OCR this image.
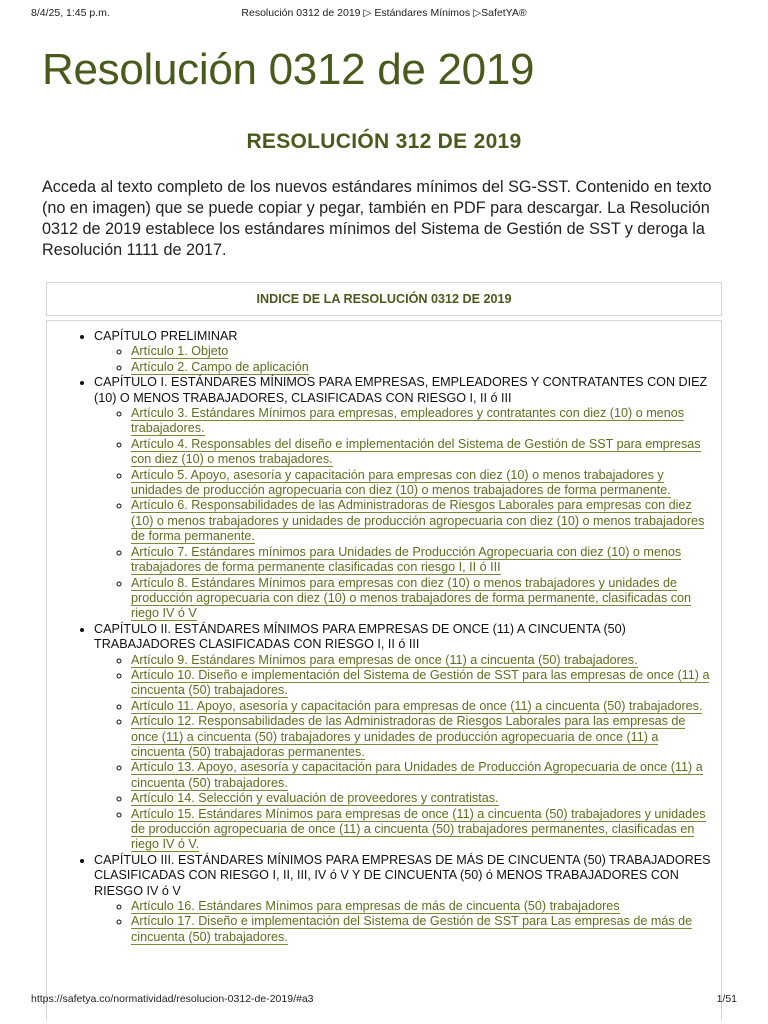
8/4/25, 1:45 p.m.	Resolución 0312 de 2019 ▷ Estándares Mínimos ▷SafetYA®
Resolución 0312 de 2019
RESOLUCIÓN 312 DE 2019

Acceda al texto completo de los nuevos estándares mínimos del SG-SST. Contenido en texto (no en imagen) que se puede copiar y pegar, también en PDF para descargar. La Resolución 0312 de 2019 establece los estándares mínimos del Sistema de Gestión de SST y deroga la Resolución 1111 de 2017.

INDICE DE LA RESOLUCIÓN 0312 DE 2019
• CAPÍTULO PRELIMINAR
◦ Artículo 1. Objeto
◦ Artículo 2. Campo de aplicación
• CAPÍTULO I. ESTÁNDARES MÍNIMOS PARA EMPRESAS, EMPLEADORES Y CONTRATANTES CON DIEZ (10) O MENOS TRABAJADORES, CLASIFICADAS CON RIESGO I, II ó III
◦ Artículo 3. Estándares Mínimos para empresas, empleadores y contratantes con diez (10) o menos trabajadores.
◦ Artículo 4. Responsables del diseño e implementación del Sistema de Gestión de SST para empresas con diez (10) o menos trabajadores.
◦ Artículo 5. Apoyo, asesoría y capacitación para empresas con diez (10) o menos trabajadores y unidades de producción agropecuaria con diez (10) o menos trabajadores de forma permanente.
◦ Artículo 6. Responsabilidades de las Administradoras de Riesgos Laborales para empresas con diez (10) o menos trabajadores y unidades de producción agropecuaria con diez (10) o menos trabajadores de forma permanente.
◦ Artículo 7. Estándares mínimos para Unidades de Producción Agropecuaria con diez (10) o menos trabajadores de forma permanente clasificadas con riesgo I, II ó III
◦ Artículo 8. Estándares Mínimos para empresas con diez (10) o menos trabajadores y unidades de producción agropecuaria con diez (10) o menos trabajadores de forma permanente, clasificadas con riego IV ó V
• CAPÍTULO II. ESTÁNDARES MÍNIMOS PARA EMPRESAS DE ONCE (11) A CINCUENTA (50) TRABAJADORES CLASIFICADAS CON RIESGO I, II ó III
◦ Artículo 9. Estándares Mínimos para empresas de once (11) a cincuenta (50) trabajadores.
◦ Artículo 10. Diseño e implementación del Sistema de Gestión de SST para las empresas de once (11) a cincuenta (50) trabajadores.
◦ Artículo 11. Apoyo, asesoría y capacitación para empresas de once (11) a cincuenta (50) trabajadores.
◦ Artículo 12. Responsabilidades de las Administradoras de Riesgos Laborales para las empresas de once (11) a cincuenta (50) trabajadores y unidades de producción agropecuaria de once (11) a cincuenta (50) trabajadoras permanentes.
◦ Artículo 13. Apoyo, asesoría y capacitación para Unidades de Producción Agropecuaria de once (11) a cincuenta (50) trabajadores.
◦ Artículo 14. Selección y evaluación de proveedores y contratistas.
◦ Artículo 15. Estándares Mínimos para empresas de once (11) a cincuenta (50) trabajadores y unidades de producción agropecuaria de once (11) a cincuenta (50) trabajadores permanentes, clasificadas en riego IV ó V.
• CAPÍTULO III. ESTÁNDARES MÍNIMOS PARA EMPRESAS DE MÁS DE CINCUENTA (50) TRABAJADORES CLASIFICADAS CON RIESGO I, II, III, IV ó V Y DE CINCUENTA (50) ó MENOS TRABAJADORES CON RIESGO IV ó V
◦ Artículo 16. Estándares Mínimos para empresas de más de cincuenta (50) trabajadores
◦ Artículo 17. Diseño e implementación del Sistema de Gestión de SST para Las empresas de más de cincuenta (50) trabajadores.
https://safetya.co/normatividad/resolucion-0312-de-2019/#a3	1/51
